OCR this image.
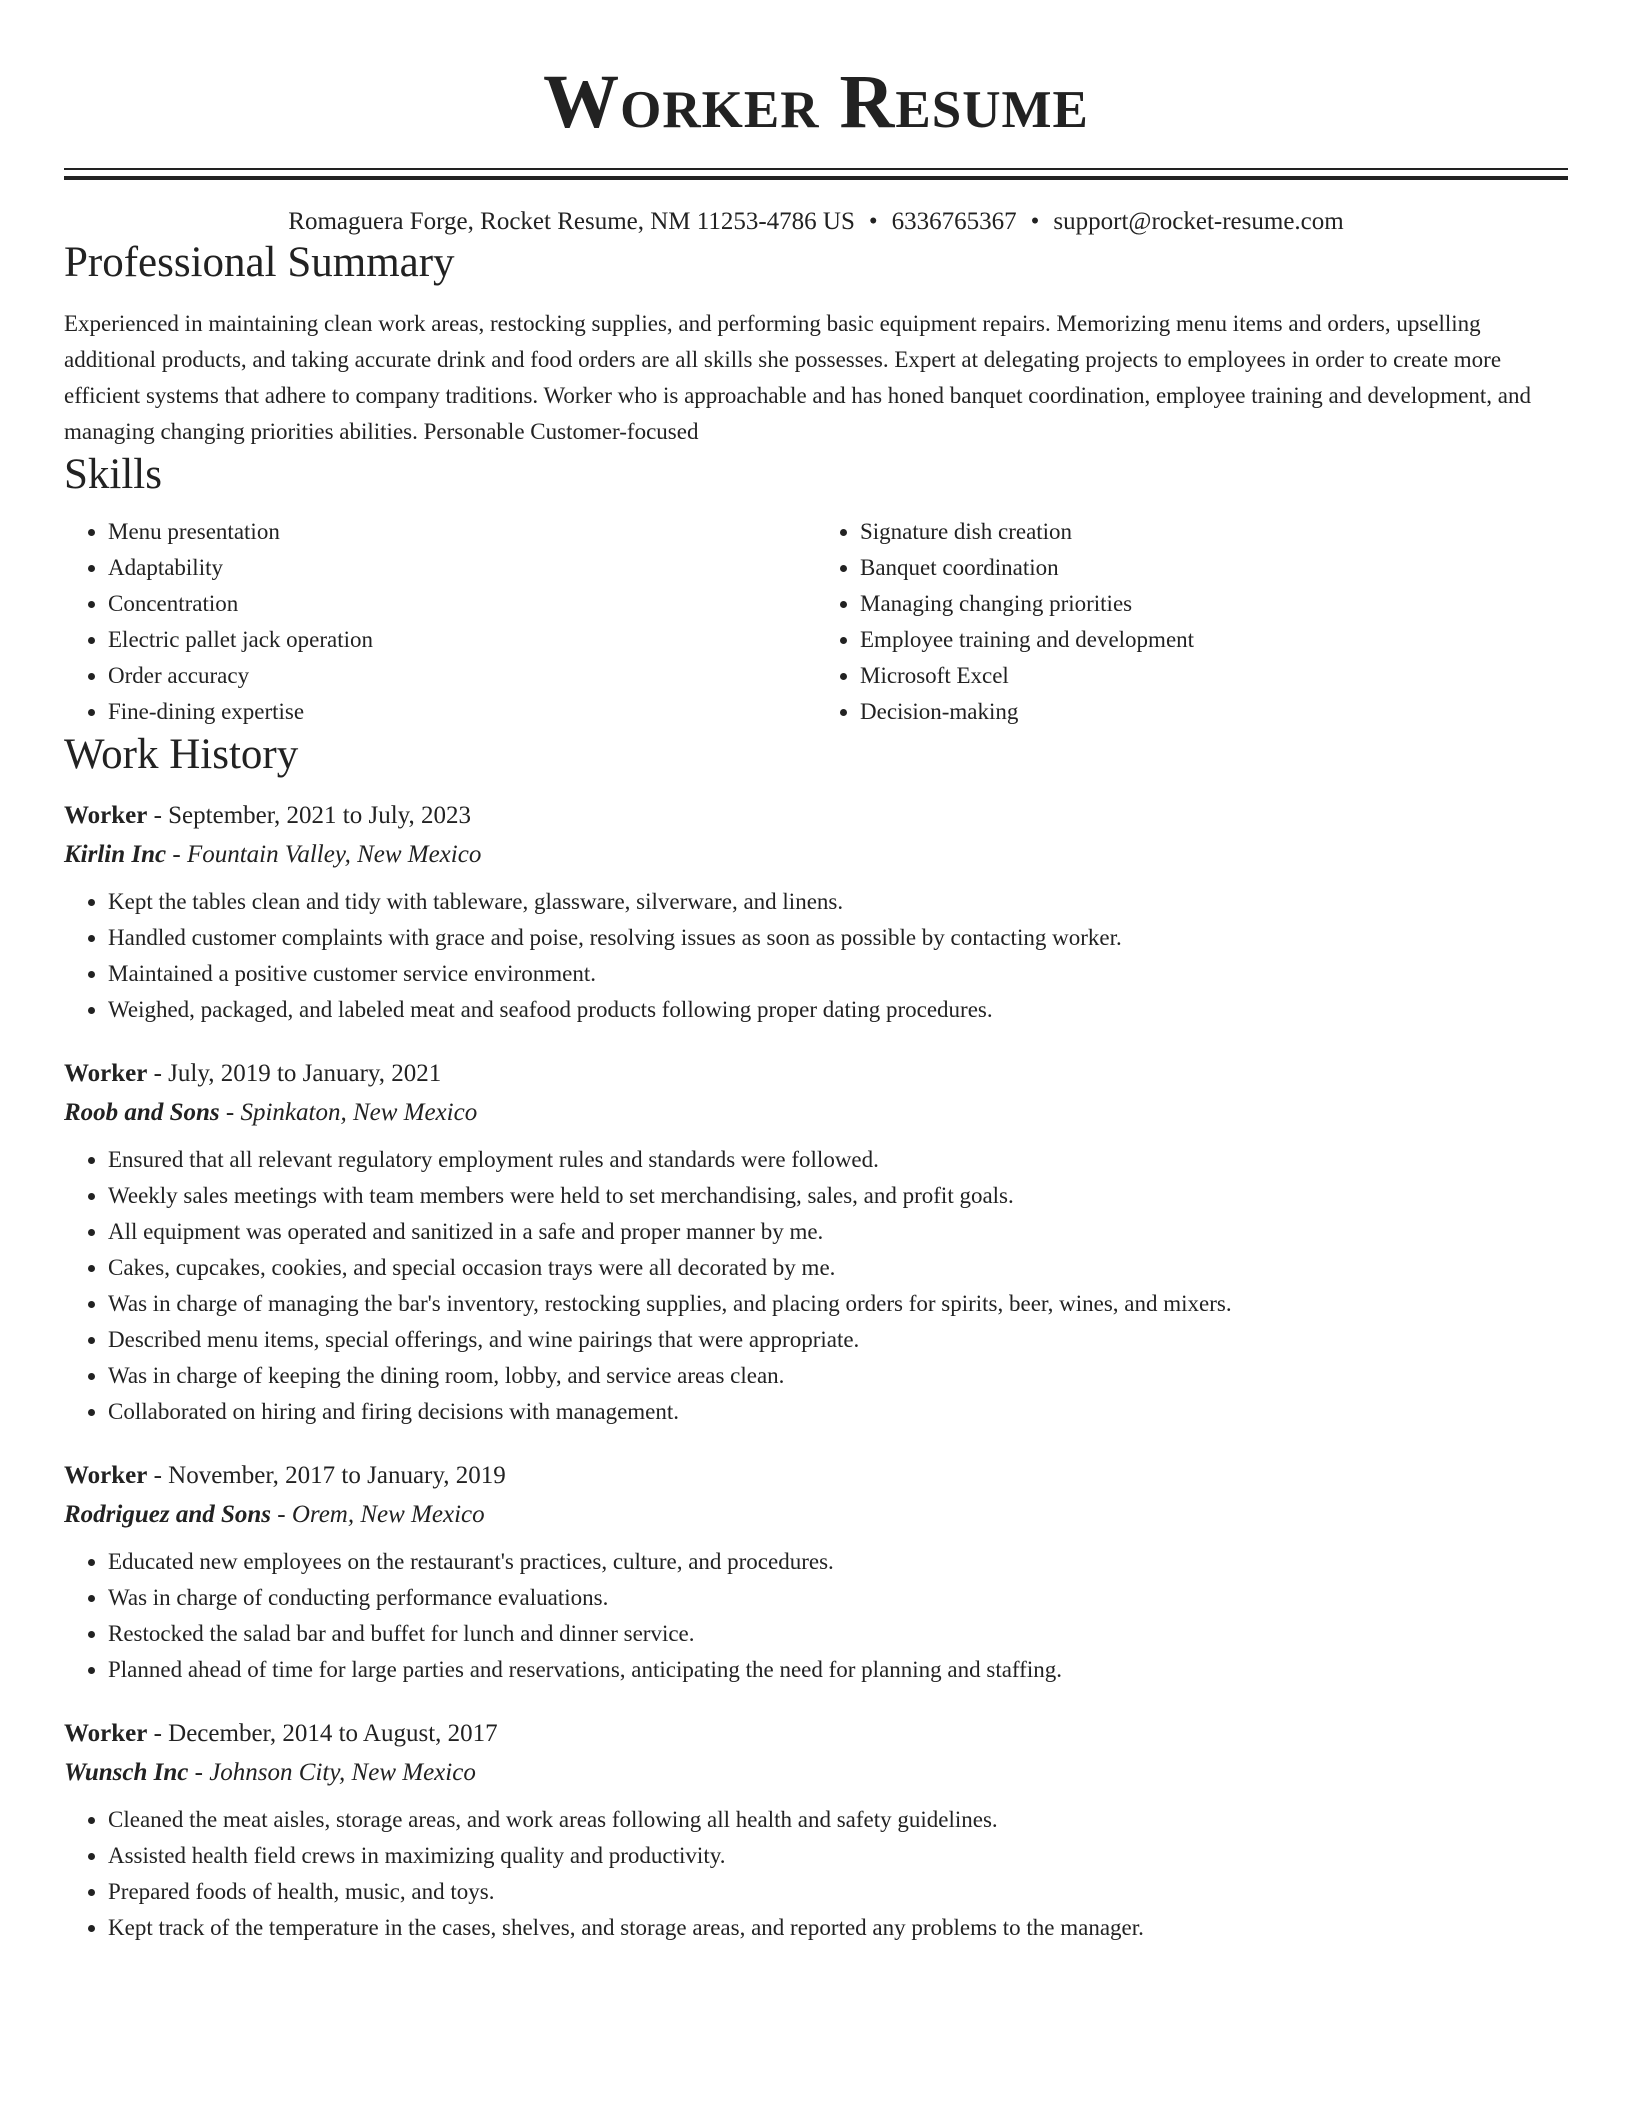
Worker Resume
Romaguera Forge, Rocket Resume, NM 11253-4786 US • 6336765367 • support@rocket-resume.com
Professional Summary

Experienced in maintaining clean work areas, restocking supplies, and performing basic equipment repairs. Memorizing menu items and orders, upselling additional products, and taking accurate drink and food orders are all skills she possesses. Expert at delegating projects to employees in order to create more efficient systems that adhere to company traditions. Worker who is approachable and has honed banquet coordination, employee training and development, and managing changing priorities abilities. Personable Customer-focused

Skills
• Menu presentation
• Adaptability
• Concentration
• Electric pallet jack operation
• Order accuracy
• Fine-dining expertise
• Signature dish creation
• Banquet coordination
• Managing changing priorities
• Employee training and development
• Microsoft Excel
• Decision-making
Work History
Worker - September, 2021 to July, 2023
Kirlin Inc - Fountain Valley, New Mexico
• Kept the tables clean and tidy with tableware, glassware, silverware, and linens.
• Handled customer complaints with grace and poise, resolving issues as soon as possible by contacting worker.
• Maintained a positive customer service environment.
• Weighed, packaged, and labeled meat and seafood products following proper dating procedures.
Worker - July, 2019 to January, 2021
Roob and Sons - Spinkaton, New Mexico
• Ensured that all relevant regulatory employment rules and standards were followed.
• Weekly sales meetings with team members were held to set merchandising, sales, and profit goals.
• All equipment was operated and sanitized in a safe and proper manner by me.
• Cakes, cupcakes, cookies, and special occasion trays were all decorated by me.
• Was in charge of managing the bar's inventory, restocking supplies, and placing orders for spirits, beer, wines, and mixers.
• Described menu items, special offerings, and wine pairings that were appropriate.
• Was in charge of keeping the dining room, lobby, and service areas clean.
• Collaborated on hiring and firing decisions with management.
Worker - November, 2017 to January, 2019
Rodriguez and Sons - Orem, New Mexico
• Educated new employees on the restaurant's practices, culture, and procedures.
• Was in charge of conducting performance evaluations.
• Restocked the salad bar and buffet for lunch and dinner service.
• Planned ahead of time for large parties and reservations, anticipating the need for planning and staffing.
Worker - December, 2014 to August, 2017
Wunsch Inc - Johnson City, New Mexico
• Cleaned the meat aisles, storage areas, and work areas following all health and safety guidelines.
• Assisted health field crews in maximizing quality and productivity.
• Prepared foods of health, music, and toys.
• Kept track of the temperature in the cases, shelves, and storage areas, and reported any problems to the manager.
